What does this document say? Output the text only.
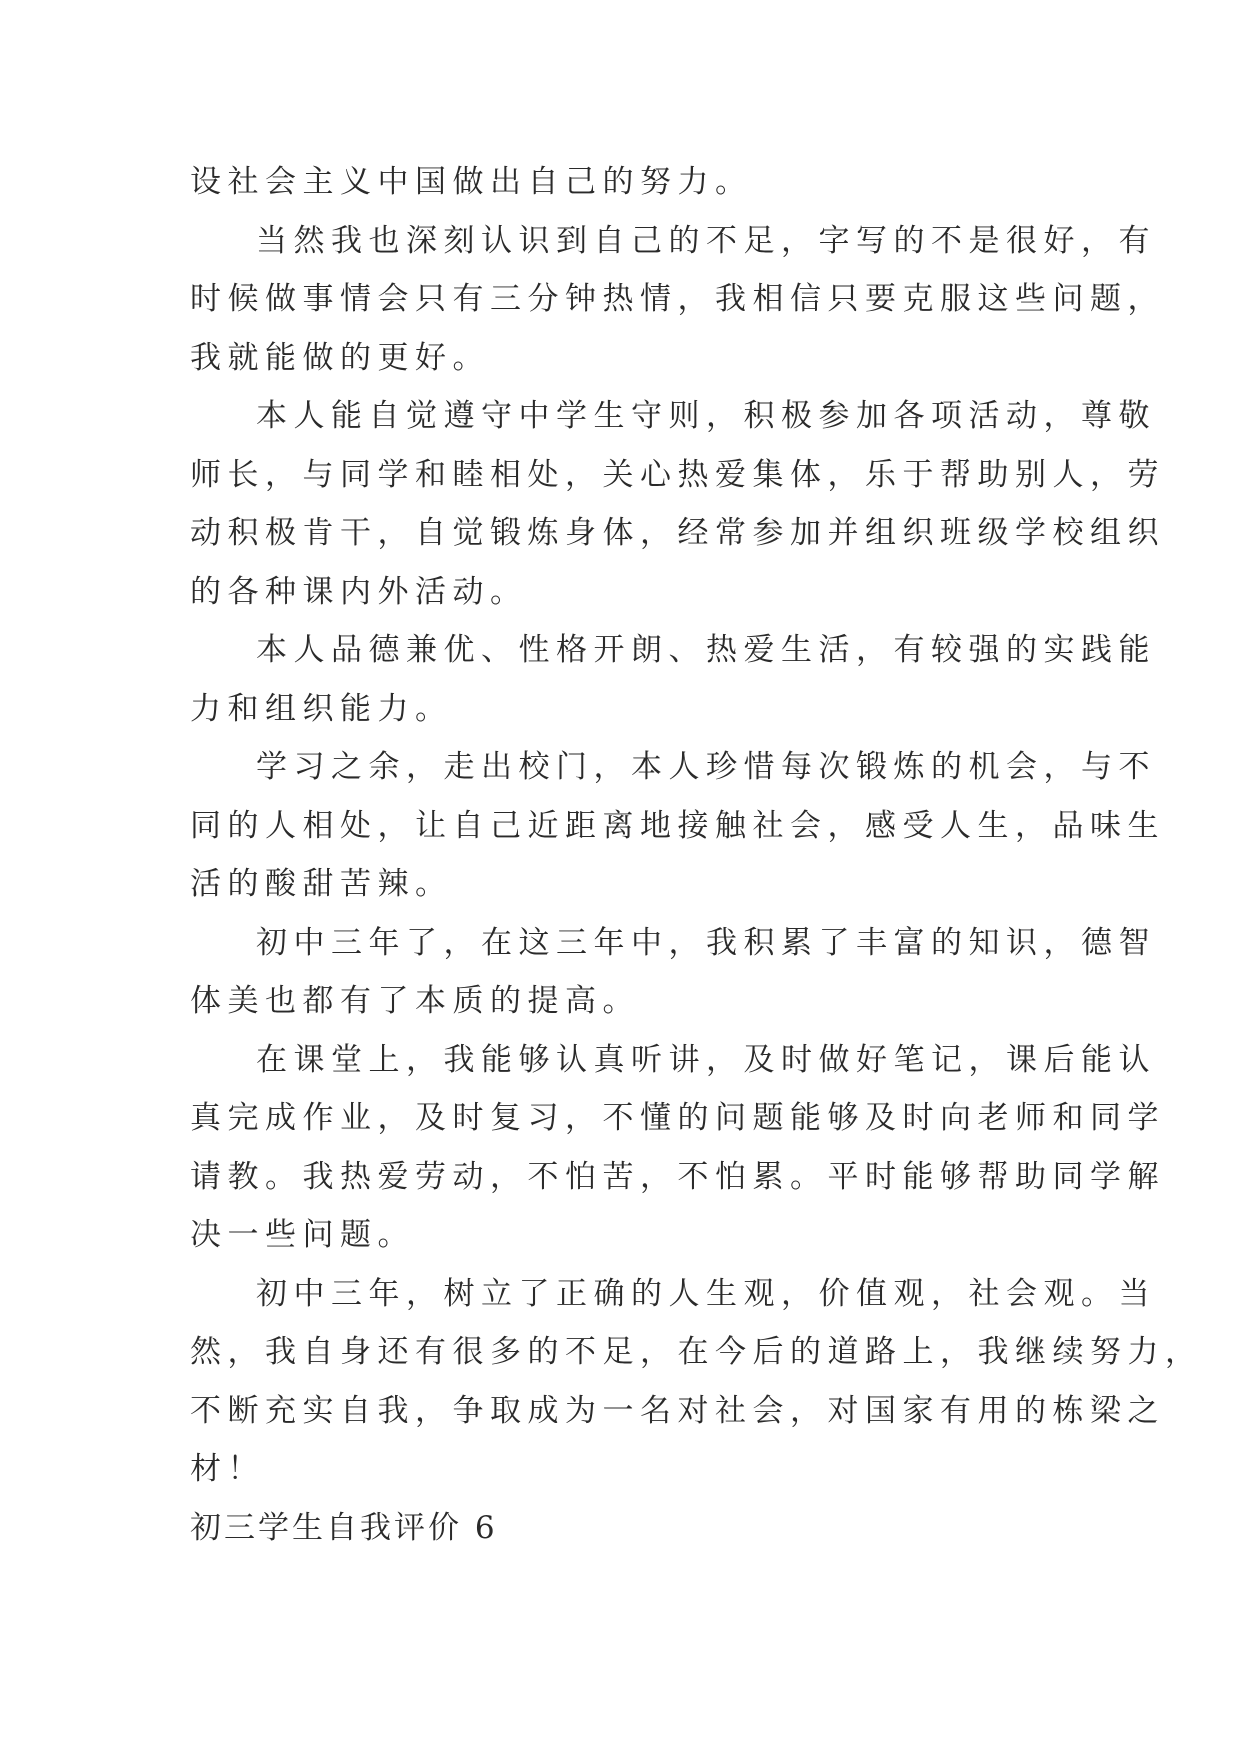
设社会主义中国做出自己的努力。
当然我也深刻认识到自己的不足，字写的不是很好，有
时候做事情会只有三分钟热情，我相信只要克服这些问题，
我就能做的更好。
本人能自觉遵守中学生守则，积极参加各项活动，尊敬
师长，与同学和睦相处，关心热爱集体，乐于帮助别人，劳
动积极肯干，自觉锻炼身体，经常参加并组织班级学校组织
的各种课内外活动。
本人品德兼优、性格开朗、热爱生活，有较强的实践能
力和组织能力。
学习之余，走出校门，本人珍惜每次锻炼的机会，与不
同的人相处，让自己近距离地接触社会，感受人生，品味生
活的酸甜苦辣。
初中三年了，在这三年中，我积累了丰富的知识，德智
体美也都有了本质的提高。
在课堂上，我能够认真听讲，及时做好笔记，课后能认
真完成作业，及时复习，不懂的问题能够及时向老师和同学
请教。我热爱劳动，不怕苦，不怕累。平时能够帮助同学解
决一些问题。
初中三年，树立了正确的人生观，价值观，社会观。当
然，我自身还有很多的不足，在今后的道路上，我继续努力，
不断充实自我，争取成为一名对社会，对国家有用的栋梁之
材！
初三学生自我评价 6
